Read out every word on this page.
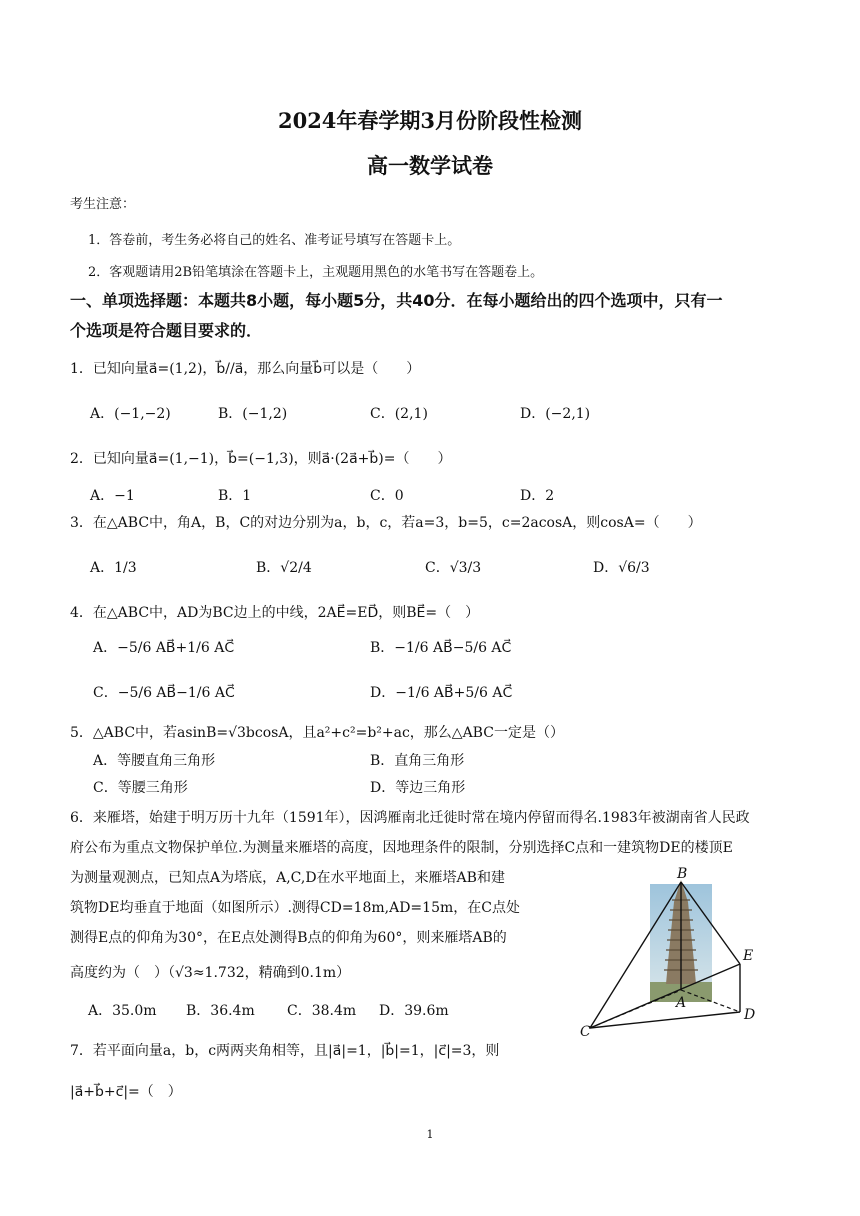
2024年春学期3月份阶段性检测
高一数学试卷
考生注意：
1．答卷前，考生务必将自己的姓名、准考证号填写在答题卡上。
2．客观题请用2B铅笔填涂在答题卡上，主观题用黑色的水笔书写在答题卷上。
一、单项选择题：本题共8小题，每小题5分，共40分．在每小题给出的四个选项中，只有一
个选项是符合题目要求的．
1．已知向量a⃗=(1,2)，b⃗//a⃗，那么向量b⃗可以是（　　）
A．(−1,−2)	B．(−1,2)	C．(2,1)	D．(−2,1)
2．已知向量a⃗=(1,−1)，b⃗=(−1,3)，则a⃗·(2a⃗+b⃗)=（　　）
A．−1	B．1	C．0	D．2
3．在△ABC中，角A，B，C的对边分别为a，b，c，若a=3，b=5，c=2acosA，则cosA=（　　）
A．1/3	B．√2/4	C．√3/3	D．√6/3
4．在△ABC中，AD为BC边上的中线，2AE⃗=ED⃗，则BE⃗=（　）
A．−5/6 AB⃗+1/6 AC⃗	B．−1/6 AB⃗−5/6 AC⃗
C．−5/6 AB⃗−1/6 AC⃗	D．−1/6 AB⃗+5/6 AC⃗
5．△ABC中，若asinB=√3bcosA，且a²+c²=b²+ac，那么△ABC一定是（）
A．等腰直角三角形	B．直角三角形
C．等腰三角形	D．等边三角形
6．来雁塔，始建于明万历十九年（1591年），因鸿雁南北迁徙时常在境内停留而得名.1983年被湖南省人民政
府公布为重点文物保护单位.为测量来雁塔的高度，因地理条件的限制，分别选择C点和一建筑物DE的楼顶E
为测量观测点，已知点A为塔底，A,C,D在水平地面上，来雁塔AB和建
筑物DE均垂直于地面（如图所示）.测得CD=18m,AD=15m，在C点处
测得E点的仰角为30°，在E点处测得B点的仰角为60°，则来雁塔AB的
高度约为（　）（√3≈1.732，精确到0.1m）
A．35.0m B．36.4m C．38.4m D．39.6m
7．若平面向量a，b，c两两夹角相等，且|a⃗|=1，|b⃗|=1，|c⃗|=3，则
|a⃗+b⃗+c⃗|=（　）
B
E
A
C
D
1
